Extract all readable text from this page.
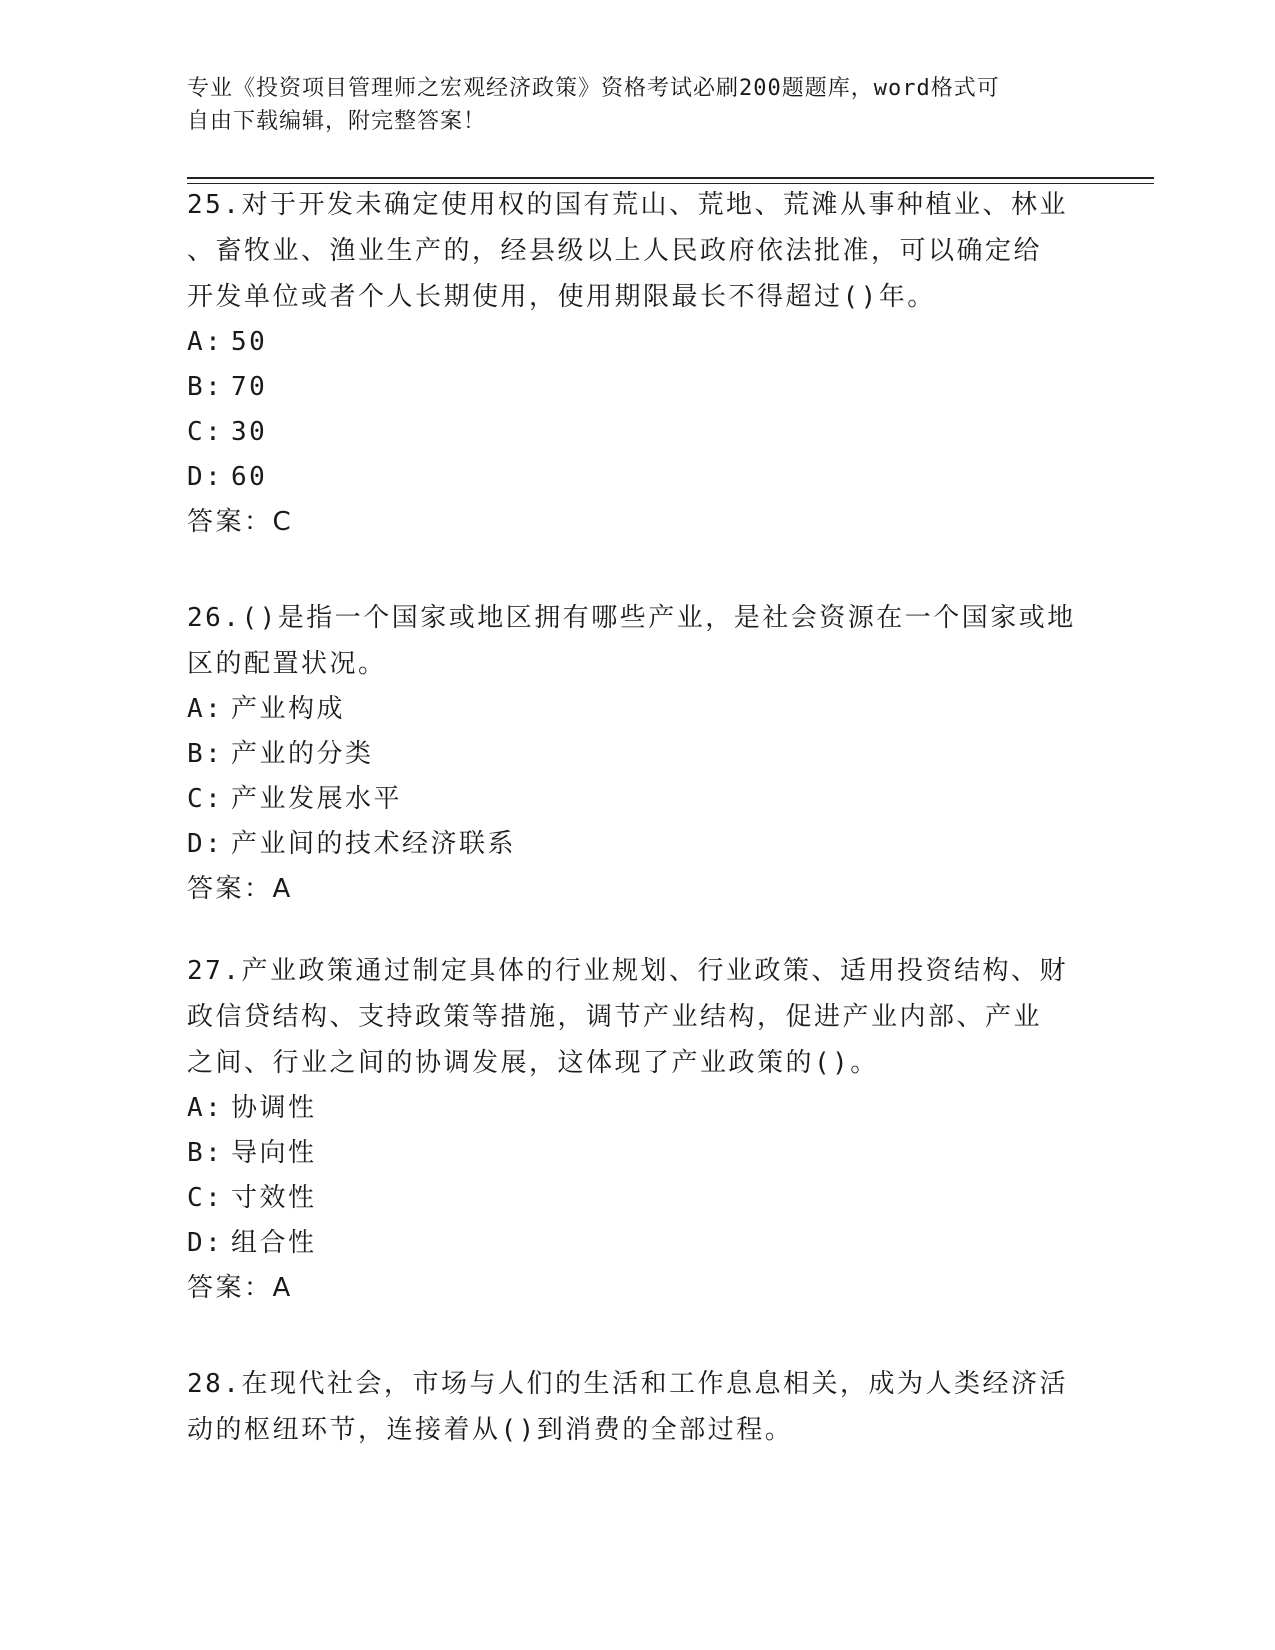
专业《投资项目管理师之宏观经济政策》资格考试必刷200题题库，word格式可
自由下载编辑，附完整答案！

25.对于开发未确定使用权的国有荒山、荒地、荒滩从事种植业、林业

、畜牧业、渔业生产的，经县级以上人民政府依法批准，可以确定给

开发单位或者个人长期使用，使用期限最长不得超过()年。

A: 50
B: 70
C: 30
D: 60

答案：C

26.()是指一个国家或地区拥有哪些产业，是社会资源在一个国家或地

区的配置状况。

A: 产业构成
B: 产业的分类
C: 产业发展水平
D: 产业间的技术经济联系

答案：A

27.产业政策通过制定具体的行业规划、行业政策、适用投资结构、财

政信贷结构、支持政策等措施，调节产业结构，促进产业内部、产业

之间、行业之间的协调发展，这体现了产业政策的()。

A: 协调性
B: 导向性
C: 寸效性
D: 组合性

答案：A

28.在现代社会，市场与人们的生活和工作息息相关，成为人类经济活

动的枢纽环节，连接着从()到消费的全部过程。
